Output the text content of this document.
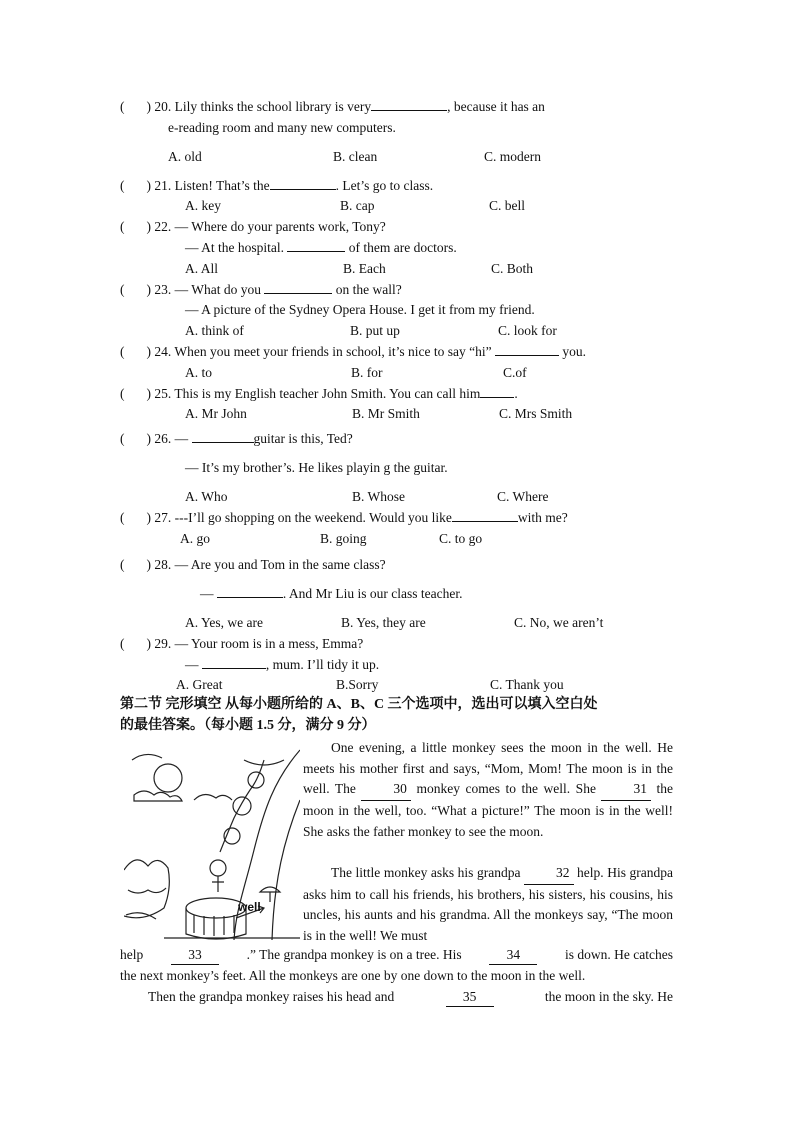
( ) 20. Lily thinks the school library is very	, because it has an
e-reading room and many new computers.
A. old	B. clean	C. modern
( ) 21. Listen! That’s the	. Let’s go to class.
A. key	B. cap	C. bell
( ) 22. — Where do your parents work, Tony?
— At the hospital.	of them are doctors.
A. All	B. Each	C. Both
( ) 23. — What do you	on the wall?
— A picture of the Sydney Opera House. I get it from my friend.
A. think of	B. put up	C. look for
( ) 24. When you meet your friends in school, it’s nice to say “hi”	you.
A. to	B. for	C.of
( ) 25. This is my English teacher John Smith. You can call him	.
A. Mr John	B. Mr Smith	C. Mrs Smith
( ) 26. —	guitar is this, Ted?
— It’s my brother’s. He likes playin g the guitar.
A. Who	B. Whose	C. Where
( ) 27. ---I’ll go shopping on the weekend. Would you like	with me?
A. go	B. going	C. to go
( ) 28. — Are you and Tom in the same class?
—	. And Mr Liu is our class teacher.
A. Yes, we are	B. Yes, they are	C. No, we aren’t
( ) 29. — Your room is in a mess, Emma?
—	, mum. I’ll tidy it up.
A. Great	B.Sorry	C. Thank you
第二节 完形填空 从每小题所给的 A、B、C 三个选项中，选出可以填入空白处
的最佳答案。（每小题 1.5 分，满分 9 分）
well
One evening, a little monkey sees the moon in the well. He meets his mother first and says, “Mom, Mom! The moon is in the well. The	30 monkey comes to the well. She	31 the moon in the well, too. “What a picture!” The moon is in the well! She asks the father monkey to see the moon.
The little monkey asks his grandpa	32 help. His grandpa asks him to call his friends, his brothers, his sisters, his cousins, his uncles, his aunts and his grandma. All the monkeys say, “The moon is in the well! We must
help	33	.” The grandpa monkey is on a tree. His	34	is down. He catches
the next monkey’s feet. All the monkeys are one by one down to the moon in the well.
Then the grandpa monkey raises his head and	35	the moon in the sky. He
